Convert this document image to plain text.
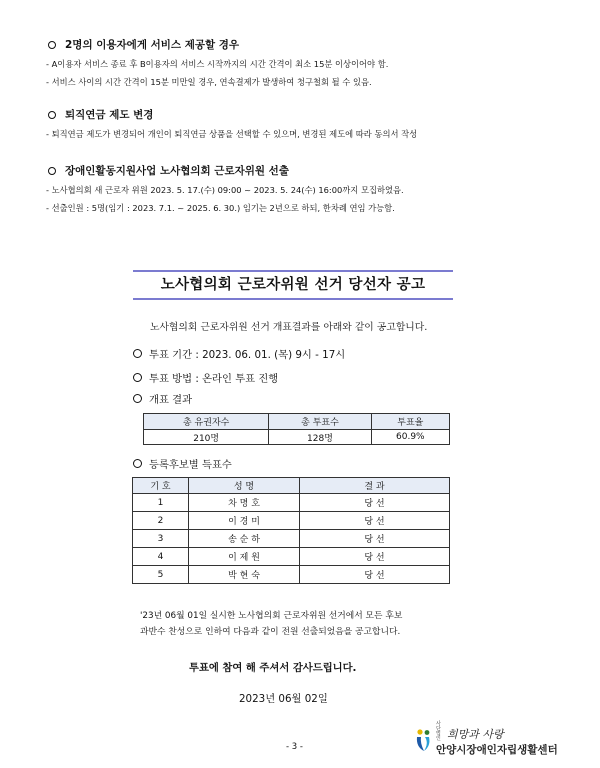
2명의 이용자에게 서비스 제공할 경우
- A이용자 서비스 종료 후 B이용자의 서비스 시작까지의 시간 간격이 최소 15분 이상이어야 함.
- 서비스 사이의 시간 간격이 15분 미만일 경우, 연속결제가 발생하여 청구철회 될 수 있음.
퇴직연금 제도 변경
- 퇴직연금 제도가 변경되어 개인이 퇴직연금 상품을 선택할 수 있으며, 변경된 제도에 따라 동의서 작성
장애인활동지원사업 노사협의회 근로자위원 선출
- 노사협의회 새 근로자 위원 2023. 5. 17.(수) 09:00 ~ 2023. 5. 24(수) 16:00까지 모집하였음.
- 선출인원 : 5명(임기 : 2023. 7.1. ~ 2025. 6. 30.) 임기는 2년으로 하되, 한차례 연임 가능함.
노사협의회 근로자위원 선거 당선자 공고
노사협의회 근로자위원 선거 개표결과를 아래와 같이 공고합니다.
투표 기간 : 2023. 06. 01. (목) 9시 - 17시
투표 방법 : 온라인 투표 진행
개표 결과
총 유권자수	총 투표수	투표율
210명	128명	60.9%
등록후보별 득표수
기 호	성 명	결 과
1	차 명 호	당 선
2	이 경 미	당 선
3	송 순 하	당 선
4	이 제 원	당 선
5	박 현 숙	당 선
'23년 06월 01일 실시한 노사협의회 근로자위원 선거에서 모든 후보
과반수 찬성으로 인하여 다음과 같이 전원 선출되었음을 공고합니다.
투표에 참여 해 주셔서 감사드립니다.
2023년 06월 02일
- 3 -
사단법인 희망과 사랑
안양시장애인자립생활센터
